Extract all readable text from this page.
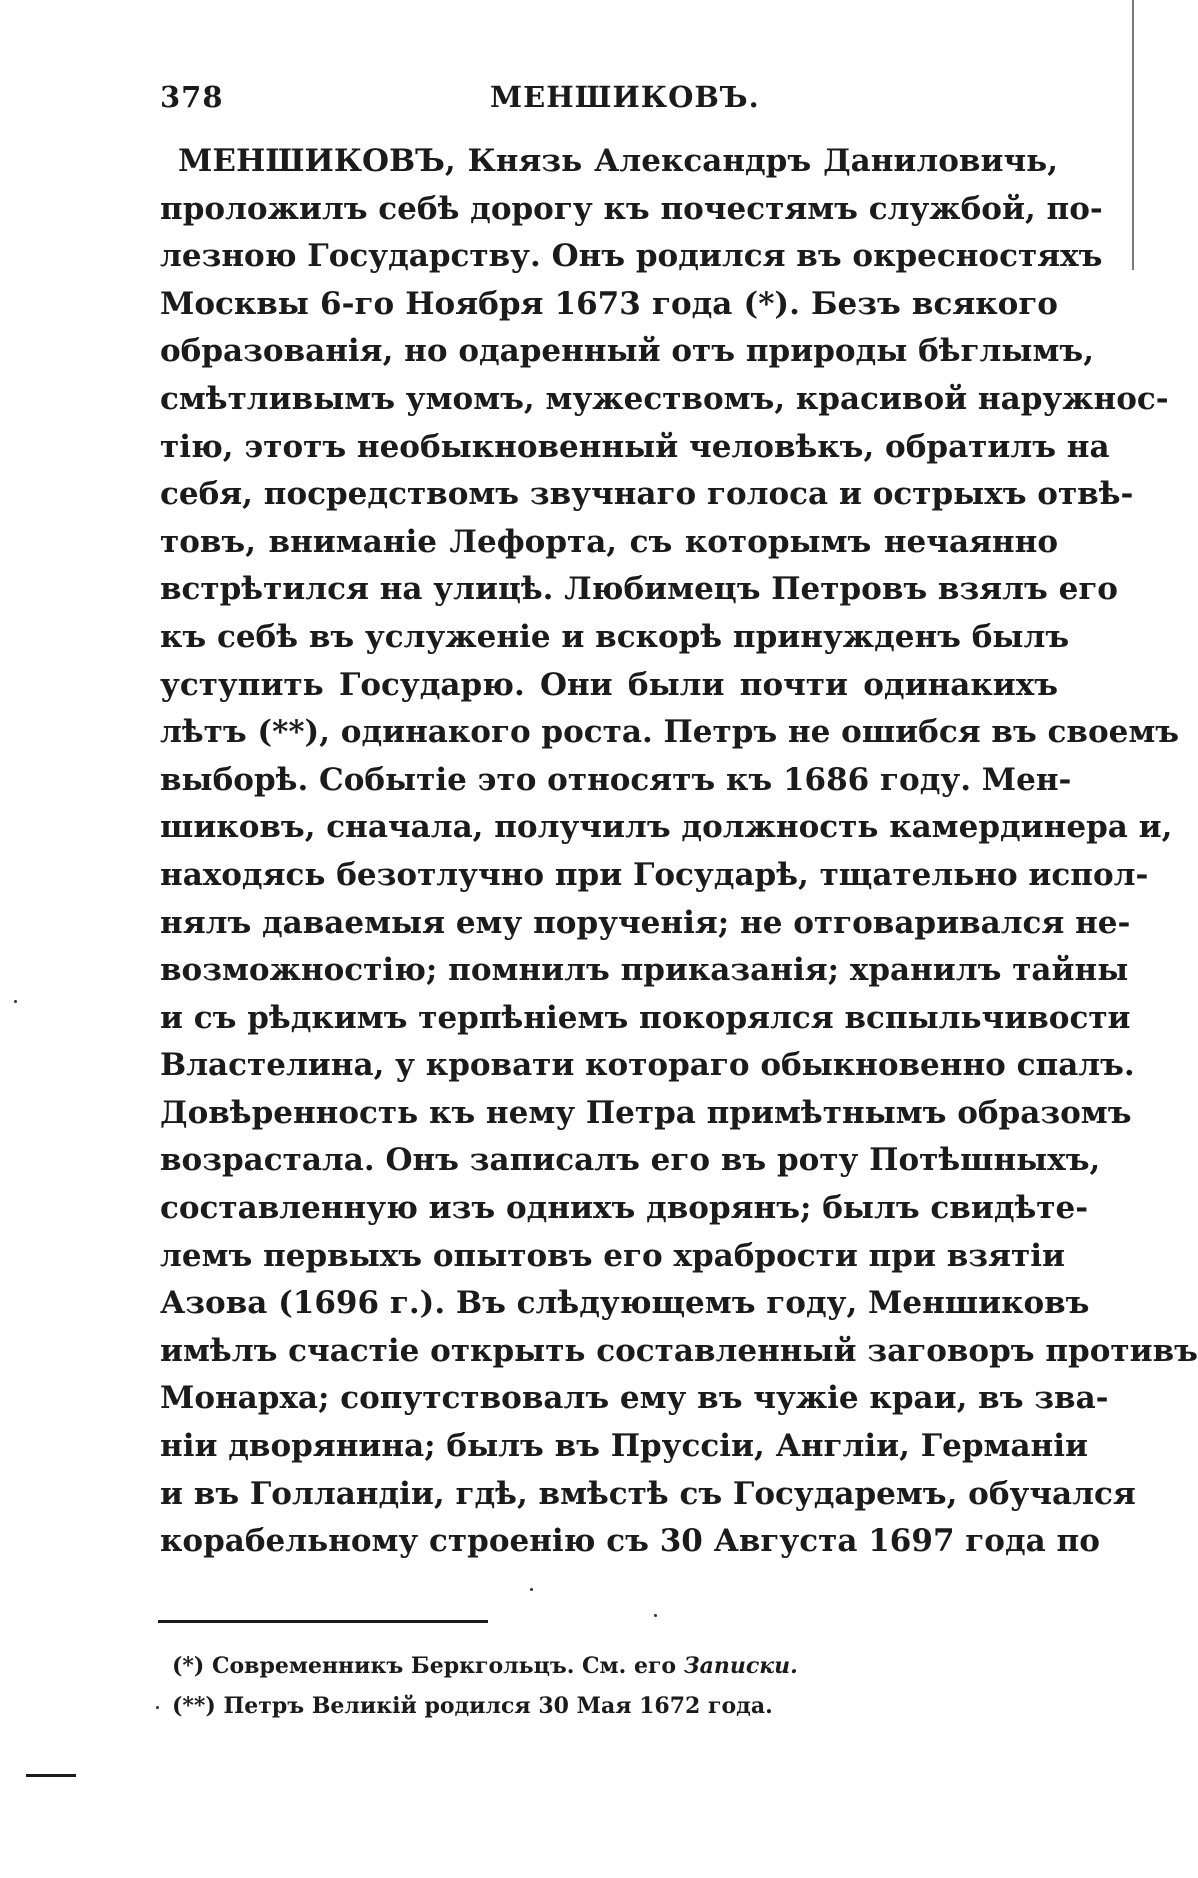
378	МЕНШИКОВЪ.
МЕНШИКОВЪ, Князь Александръ Даниловичь,
проложилъ себѣ дорогу къ почестямъ службой, по-
лезною Государству. Онъ родился въ окресностяхъ
Москвы 6-го Ноября 1673 года (*). Безъ всякого
образованія, но одаренный отъ природы бѣглымъ,
смѣтливымъ умомъ, мужествомъ, красивой наружнос-
тію, этотъ необыкновенный человѣкъ, обратилъ на
себя, посредствомъ звучнаго голоса и острыхъ отвѣ-
товъ, вниманіе Лефорта, съ которымъ нечаянно
встрѣтился на улицѣ. Любимецъ Петровъ взялъ его
къ себѣ въ услуженіе и вскорѣ принужденъ былъ
уступить Государю. Они были почти одинакихъ
лѣтъ (**), одинакого роста. Петръ не ошибся въ своемъ
выборѣ. Событіе это относятъ къ 1686 году. Мен-
шиковъ, сначала, получилъ должность камердинера и,
находясь безотлучно при Государѣ, тщательно испол-
нялъ даваемыя ему порученія; не отговаривался не-
возможностію; помнилъ приказанія; хранилъ тайны
и съ рѣдкимъ терпѣніемъ покорялся вспыльчивости
Властелина, у кровати котораго обыкновенно спалъ.
Довѣренность къ нему Петра примѣтнымъ образомъ
возрастала. Онъ записалъ его въ роту Потѣшныхъ,
составленную изъ однихъ дворянъ; былъ свидѣте-
лемъ первыхъ опытовъ его храбрости при взятіи
Азова (1696 г.). Въ слѣдующемъ году, Меншиковъ
имѣлъ счастіе открыть составленный заговоръ противъ
Монарха; сопутствовалъ ему въ чужіе краи, въ зва-
ніи дворянина; былъ въ Пруссіи, Англіи, Германіи
и въ Голландіи, гдѣ, вмѣстѣ съ Государемъ, обучался
корабельному строенію съ 30 Августа 1697 года по
(*) Современникъ Беркгольцъ. См. его Записки.
(**) Петръ Великій родился 30 Мая 1672 года.
